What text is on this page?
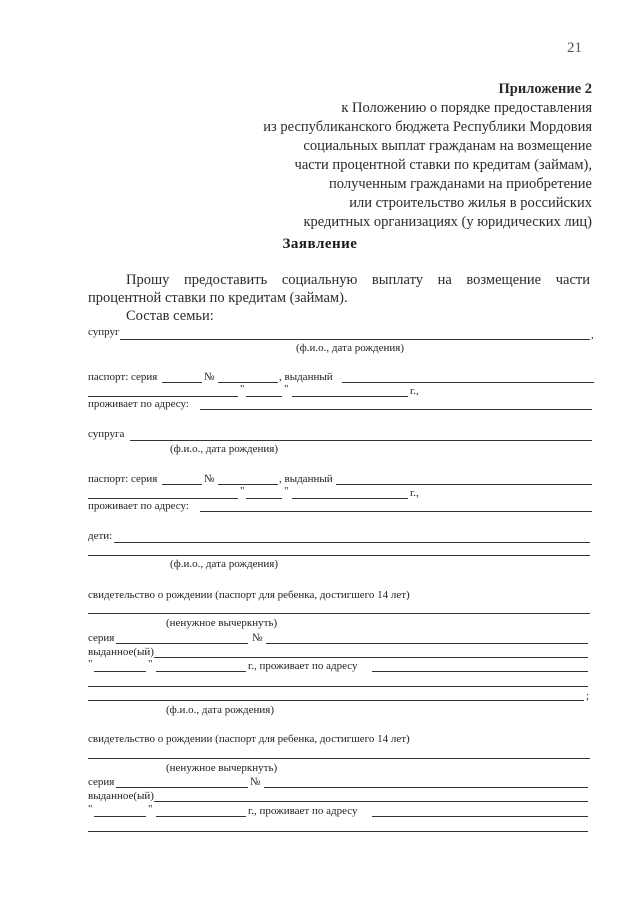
21
Приложение 2
к Положению о порядке предоставления
из республиканского бюджета Республики Мордовия
социальных выплат гражданам на возмещение
части процентной ставки по кредитам (займам),
полученным гражданами на приобретение
или строительство жилья в российских
кредитных организациях (у юридических лиц)
Заявление
Прошу предоставить социальную выплату на возмещение части
процентной ставки по кредитам (займам).
Состав семьи:
супруг	,
(ф.и.о., дата рождения)
паспорт: серия	№	, выданный
"	"	г.,
проживает по адресу:
супруга
(ф.и.о., дата рождения)
паспорт: серия	№	, выданный
"	"	г.,
проживает по адресу:
дети:
(ф.и.о., дата рождения)
свидетельство о рождении (паспорт для ребенка, достигшего 14 лет)
(ненужное вычеркнуть)
серия	№
выданное(ый)
"	"	г., проживает по адресу
;
(ф.и.о., дата рождения)
свидетельство о рождении (паспорт для ребенка, достигшего 14 лет)
(ненужное вычеркнуть)
серия	№
выданное(ый)
"	"	г., проживает по адресу
